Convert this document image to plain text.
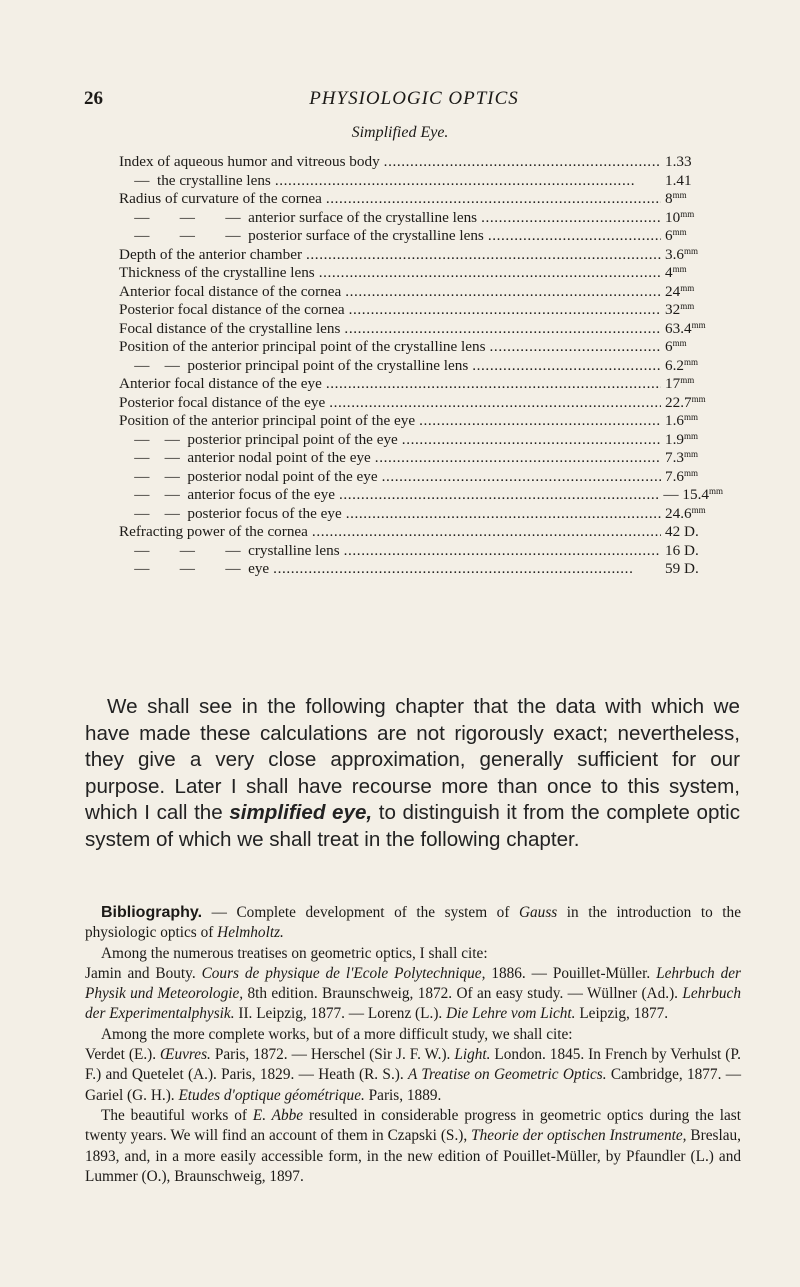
26	PHYSIOLOGIC OPTICS
Simplified Eye.
Index of aqueous humor and vitreous body . . .	1.33
—  the crystalline lens . . .	1.41
Radius of curvature of the cornea . . .	$8^{mm}$
—        —        —  anterior surface of the crystalline lens . . .	$10^{mm}$
—        —        —  posterior surface of the crystalline lens . . .	$6^{mm}$
Depth of the anterior chamber . . .	$3.6^{mm}$
Thickness of the crystalline lens . . .	$4^{mm}$
Anterior focal distance of the cornea . . .	$24^{mm}$
Posterior focal distance of the cornea . . .	$32^{mm}$
Focal distance of the crystalline lens . . .	$63.4^{mm}$
Position of the anterior principal point of the crystalline lens . . .	$6^{mm}$
—    —  posterior principal point of the crystalline lens . . .	$6.2^{mm}$
Anterior focal distance of the eye . . .	$17^{mm}$
Posterior focal distance of the eye . . .	$22.7^{mm}$
Position of the anterior principal point of the eye . . .	$1.6^{mm}$
—    —  posterior principal point of the eye . . .	$1.9^{mm}$
—    —  anterior nodal point of the eye . . .	$7.3^{mm}$
—    —  posterior nodal point of the eye . . .	$7.6^{mm}$
—    —  anterior focus of the eye . . .	— $15.4^{mm}$
—    —  posterior focus of the eye . . .	$24.6^{mm}$
Refracting power of the cornea . . .	42 D.
—        —        —  crystalline lens . . .	16 D.
—        —        —  eye . . .	59 D.
We shall see in the following chapter that the data with which we have made these calculations are not rigorously exact; nevertheless, they give a very close approximation, generally sufficient for our purpose. Later I shall have recourse more than once to this system, which I call the simplified eye, to distinguish it from the complete optic system of which we shall treat in the following chapter.

Bibliography. — Complete development of the system of Gauss in the introduction to the physiologic optics of Helmholtz.

Among the numerous treatises on geometric optics, I shall cite:

Jamin and Bouty. Cours de physique de l'Ecole Polytechnique, 1886. — Pouillet-Müller. Lehrbuch der Physik und Meteorologie, 8th edition. Braunschweig, 1872. Of an easy study. — Wüllner (Ad.). Lehrbuch der Experimentalphysik. II. Leipzig, 1877. — Lorenz (L.). Die Lehre vom Licht. Leipzig, 1877.

Among the more complete works, but of a more difficult study, we shall cite:

Verdet (E.). Œuvres. Paris, 1872. — Herschel (Sir J. F. W.). Light. London. 1845. In French by Verhulst (P. F.) and Quetelet (A.). Paris, 1829. — Heath (R. S.). A Treatise on Geometric Optics. Cambridge, 1877. — Gariel (G. H.). Etudes d'optique géométrique. Paris, 1889.

The beautiful works of E. Abbe resulted in considerable progress in geometric optics during the last twenty years. We will find an account of them in Czapski (S.), Theorie der optischen Instrumente, Breslau, 1893, and, in a more easily accessible form, in the new edition of Pouillet-Müller, by Pfaundler (L.) and Lummer (O.), Braunschweig, 1897.
